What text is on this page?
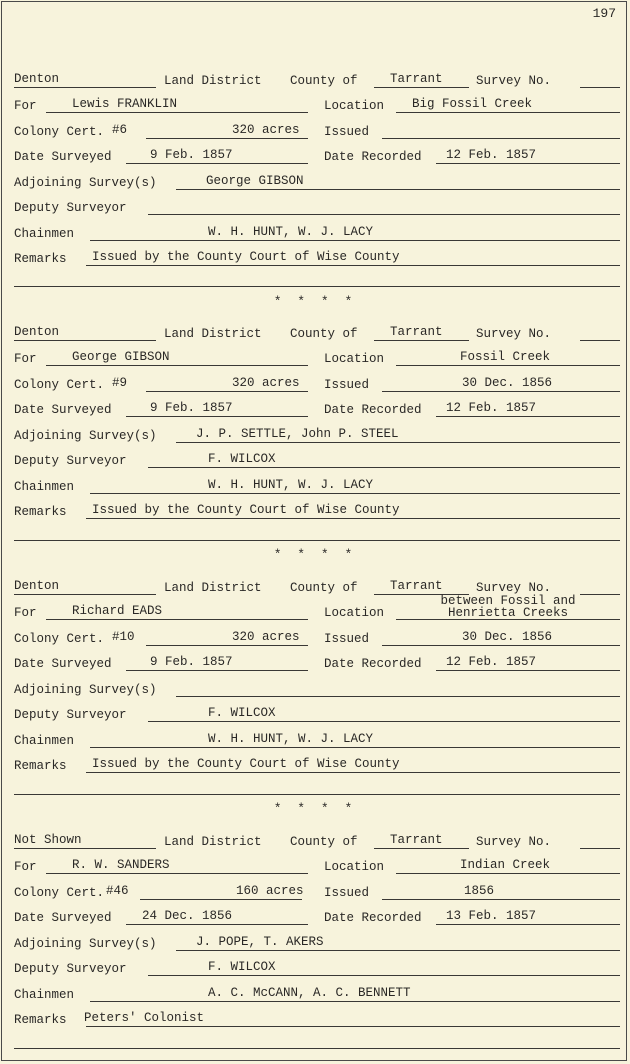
197
Denton	Land District County of	Tarrant	Survey No.
For	Lewis FRANKLIN	Location Big Fossil Creek
Colony Cert. #6	320 acres Issued
Date Surveyed	9 Feb. 1857	Date Recorded 12 Feb. 1857
Adjoining Survey(s)	George GIBSON
Deputy Surveyor
Chainmen	W. H. HUNT, W. J. LACY
Remarks Issued by the County Court of Wise County
* * * *
Denton	Land District County of	Tarrant	Survey No.
For	George GIBSON	Location	Fossil Creek
Colony Cert. #9	320 acres Issued	30 Dec. 1856
Date Surveyed	9 Feb. 1857	Date Recorded 12 Feb. 1857
Adjoining Survey(s)	J. P. SETTLE, John P. STEEL
Deputy Surveyor	F. WILCOX
Chainmen	W. H. HUNT, W. J. LACY
Remarks Issued by the County Court of Wise County
* * * *
Denton	Land District County of	Tarrant	Survey No.
For	Richard EADS	Location
between Fossil and
Henrietta Creeks
Colony Cert. #10	320 acres Issued	30 Dec. 1856
Date Surveyed	9 Feb. 1857	Date Recorded 12 Feb. 1857
Adjoining Survey(s)
Deputy Surveyor	F. WILCOX
Chainmen	W. H. HUNT, W. J. LACY
Remarks Issued by the County Court of Wise County
* * * *
Not Shown	Land District County of	Tarrant	Survey No.
For	R. W. SANDERS	Location	Indian Creek
Colony Cert. #46	160 acres Issued	1856
Date Surveyed 24 Dec. 1856	Date Recorded 13 Feb. 1857
Adjoining Survey(s)	J. POPE, T. AKERS
Deputy Surveyor	F. WILCOX
Chainmen	A. C. McCANN, A. C. BENNETT
Remarks Peters' Colonist
